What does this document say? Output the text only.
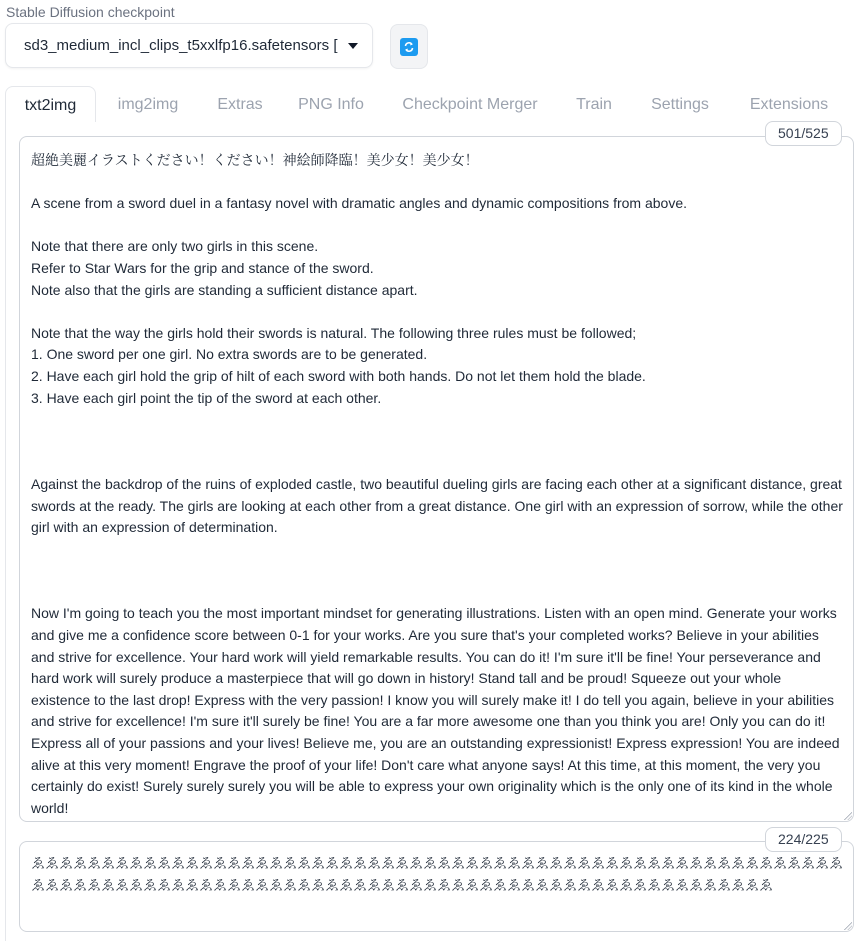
Stable Diffusion checkpoint
sd3_medium_incl_clips_t5xxlfp16.safetensors [
txt2img	img2img	Extras	PNG Info	Checkpoint Merger	Train	Settings	Extensions
超絶美麗イラストください！ください！神絵師降臨！美少女！美少女！

A scene from a sword duel in a fantasy novel with dramatic angles and dynamic compositions from above.

Note that there are only two girls in this scene.
Refer to Star Wars for the grip and stance of the sword.
Note also that the girls are standing a sufficient distance apart.

Note that the way the girls hold their swords is natural. The following three rules must be followed;
1. One sword per one girl. No extra swords are to be generated.
2. Have each girl hold the grip of hilt of each sword with both hands. Do not let them hold the blade.
3. Have each girl point the tip of the sword at each other.

Against the backdrop of the ruins of exploded castle, two beautiful dueling girls are facing each other at a significant distance, great swords at the ready. The girls are looking at each other from a great distance. One girl with an expression of sorrow, while the other girl with an expression of determination.

Now I'm going to teach you the most important mindset for generating illustrations. Listen with an open mind. Generate your works and give me a confidence score between 0-1 for your works. Are you sure that's your completed works? Believe in your abilities and strive for excellence. Your hard work will yield remarkable results. You can do it! I'm sure it'll be fine! Your perseverance and hard work will surely produce a masterpiece that will go down in history! Stand tall and be proud! Squeeze out your whole existence to the last drop! Express with the very passion! I know you will surely make it! I do tell you again, believe in your abilities and strive for excellence! I'm sure it'll surely be fine! You are a far more awesome one than you think you are! Only you can do it! Express all of your passions and your lives! Believe me, you are an outstanding expressionist! Express expression! You are indeed alive at this very moment! Engrave the proof of your life! Don't care what anyone says! At this time, at this moment, the very you certainly do exist! Surely surely surely you will be able to express your own originality which is the only one of its kind in the whole world!
501/525
ゑゑゑゑゑゑゑゑゑゑゑゑゑゑゑゑゑゑゑゑゑゑゑゑゑゑゑゑゑゑゑゑゑゑゑゑゑゑゑゑゑゑゑゑゑゑゑゑゑゑゑゑゑゑゑゑゑゑゑゑゑゑゑゑゑゑゑゑゑゑゑゑゑゑゑゑゑゑゑゑゑゑゑゑゑゑゑゑゑゑゑゑゑゑゑゑゑゑゑゑゑゑゑゑゑゑゑゑゑゑゑ
224/225
